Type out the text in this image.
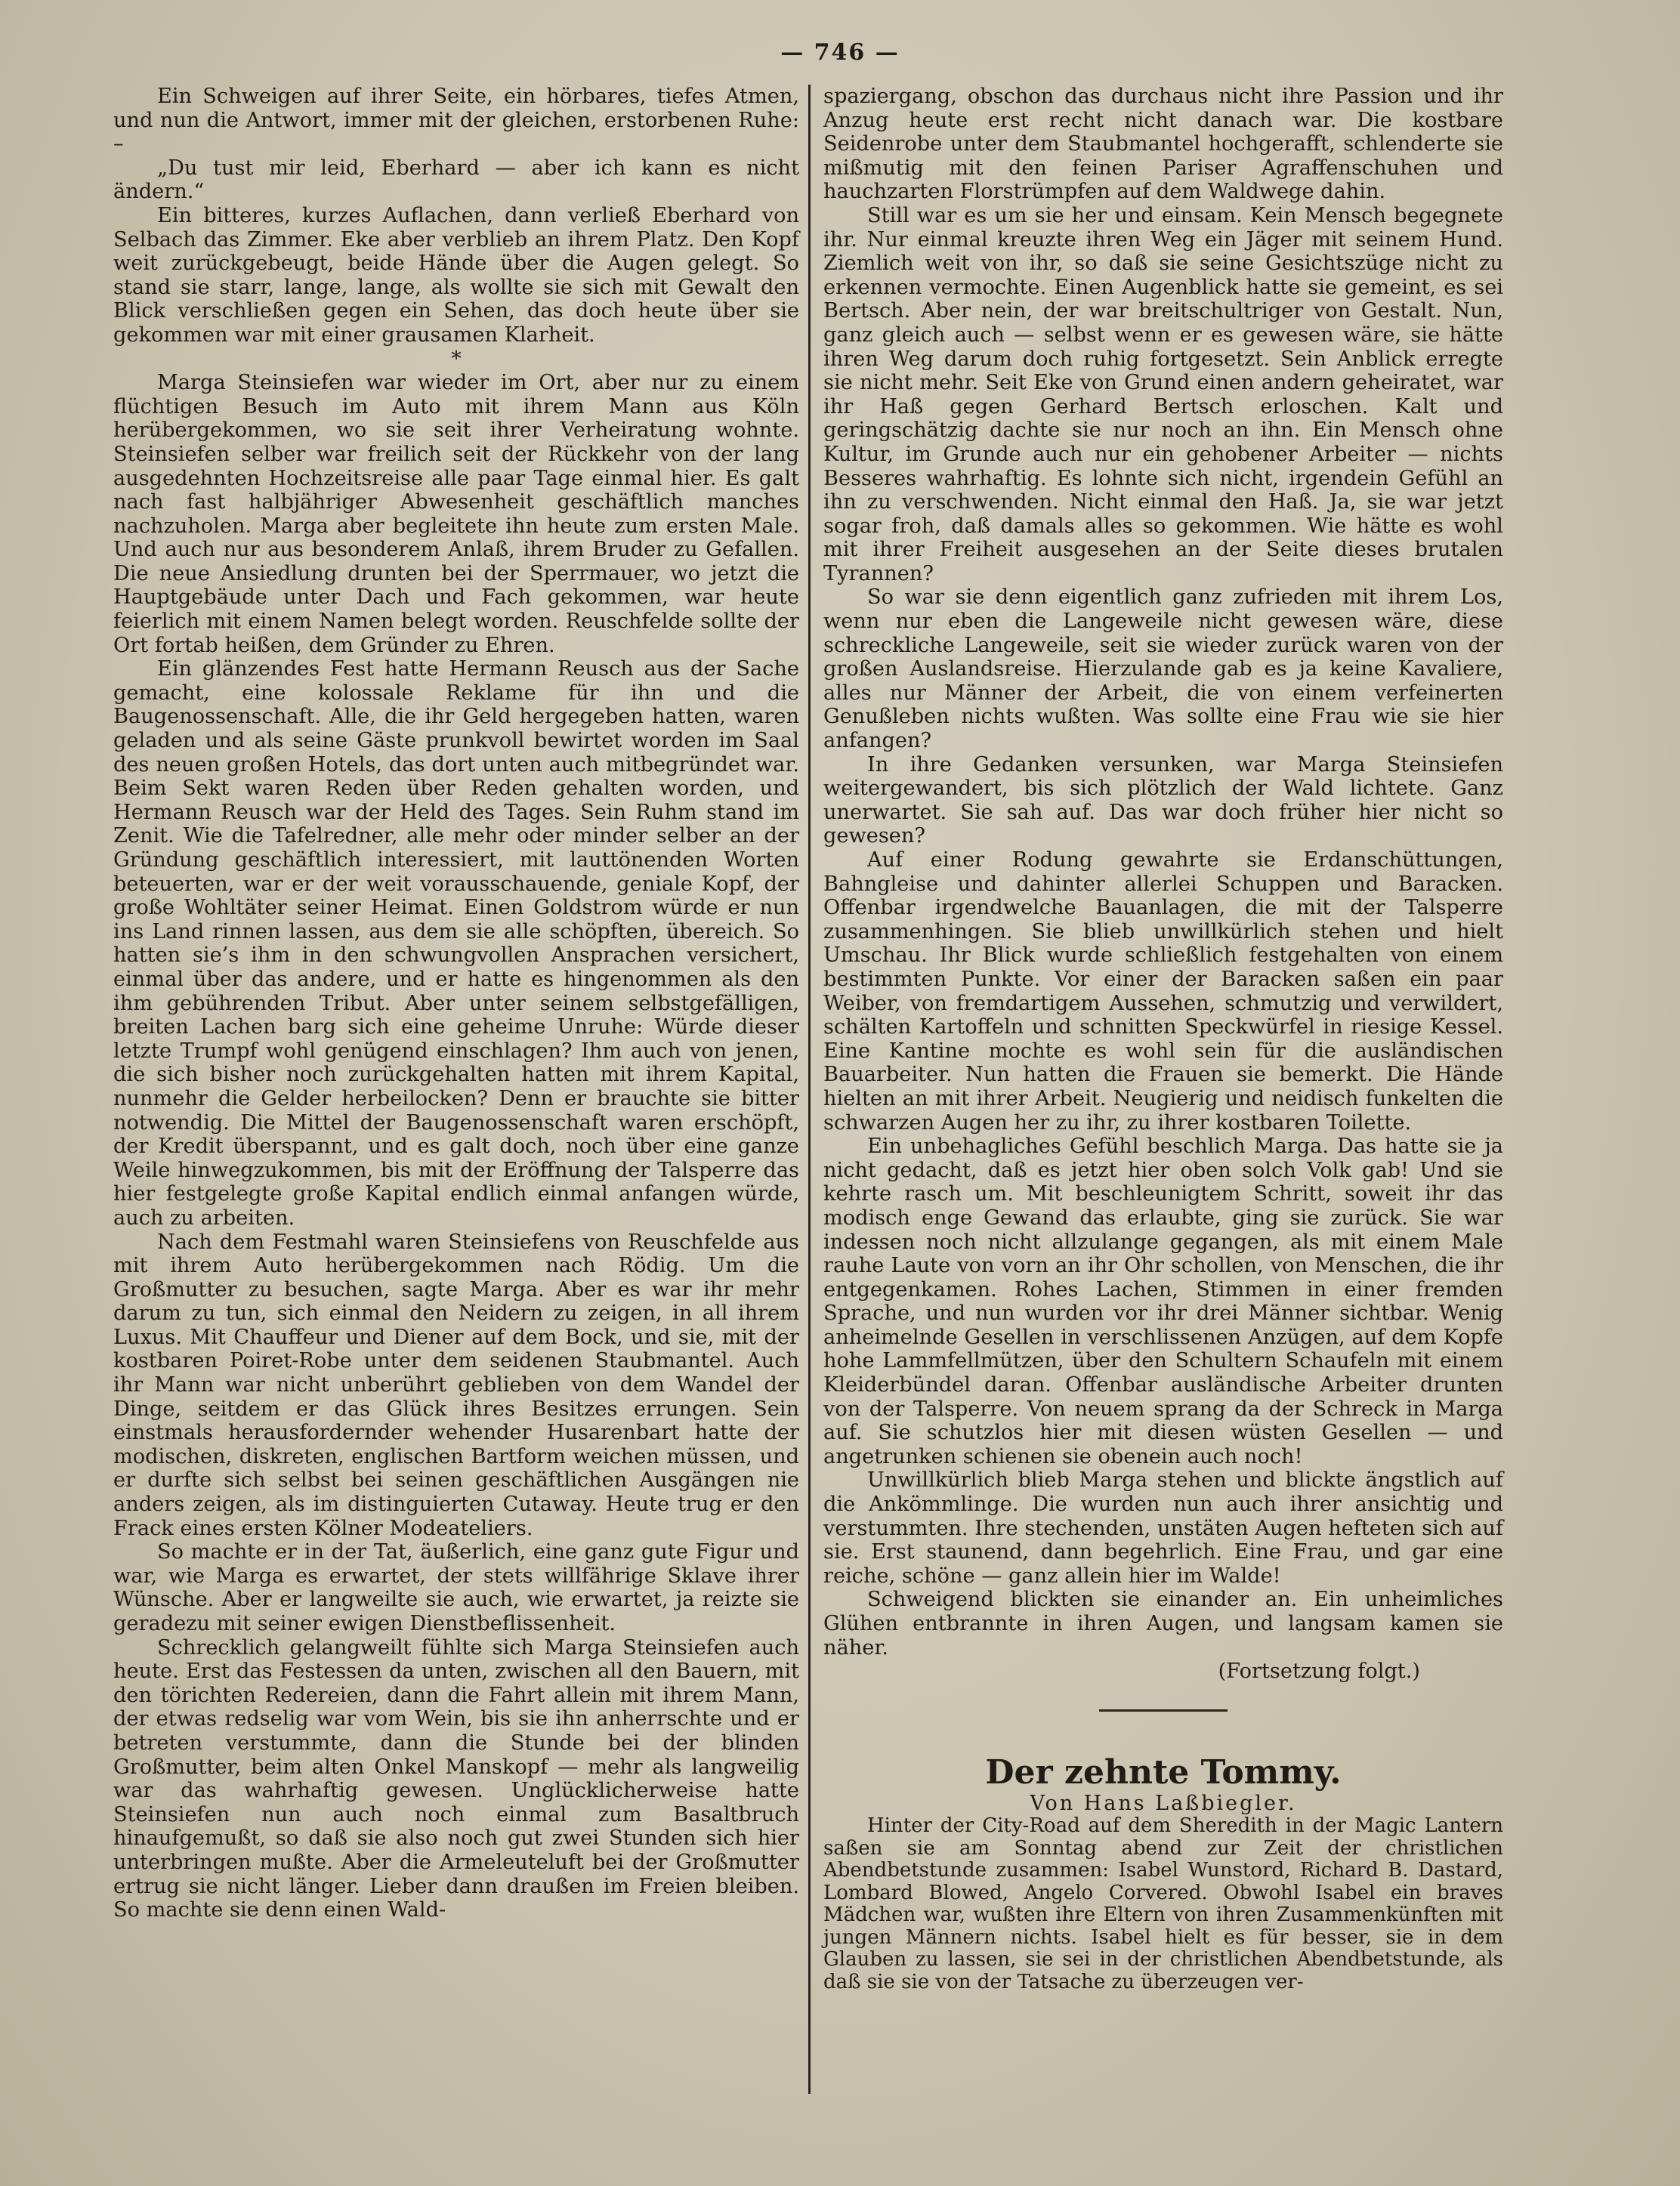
— 746 —

Ein Schweigen auf ihrer Seite, ein hörbares, tiefes Atmen, und nun die Antwort, immer mit der gleichen, erstorbenen Ruhe: –

„Du tust mir leid, Eberhard — aber ich kann es nicht ändern.“

Ein bitteres, kurzes Auflachen, dann verließ Eberhard von Selbach das Zimmer. Eke aber verblieb an ihrem Platz. Den Kopf weit zurückgebeugt, beide Hände über die Augen gelegt. So stand sie starr, lange, lange, als wollte sie sich mit Gewalt den Blick verschließen gegen ein Sehen, das doch heute über sie gekommen war mit einer grausamen Klarheit.

*

Marga Steinsiefen war wieder im Ort, aber nur zu einem flüchtigen Besuch im Auto mit ihrem Mann aus Köln herübergekommen, wo sie seit ihrer Verheiratung wohnte. Steinsiefen selber war freilich seit der Rückkehr von der lang ausgedehnten Hochzeitsreise alle paar Tage einmal hier. Es galt nach fast halbjähriger Abwesenheit geschäftlich manches nachzuholen. Marga aber begleitete ihn heute zum ersten Male. Und auch nur aus besonderem Anlaß, ihrem Bruder zu Gefallen. Die neue Ansiedlung drunten bei der Sperrmauer, wo jetzt die Hauptgebäude unter Dach und Fach gekommen, war heute feierlich mit einem Namen belegt worden. Reuschfelde sollte der Ort fortab heißen, dem Gründer zu Ehren.

Ein glänzendes Fest hatte Hermann Reusch aus der Sache gemacht, eine kolossale Reklame für ihn und die Baugenossenschaft. Alle, die ihr Geld hergegeben hatten, waren geladen und als seine Gäste prunkvoll bewirtet worden im Saal des neuen großen Hotels, das dort unten auch mitbegründet war. Beim Sekt waren Reden über Reden gehalten worden, und Hermann Reusch war der Held des Tages. Sein Ruhm stand im Zenit. Wie die Tafelredner, alle mehr oder minder selber an der Gründung geschäftlich interessiert, mit lauttönenden Worten beteuerten, war er der weit vorausschauende, geniale Kopf, der große Wohltäter seiner Heimat. Einen Goldstrom würde er nun ins Land rinnen lassen, aus dem sie alle schöpften, übereich. So hatten sie’s ihm in den schwungvollen Ansprachen versichert, einmal über das andere, und er hatte es hingenommen als den ihm gebührenden Tribut. Aber unter seinem selbstgefälligen, breiten Lachen barg sich eine geheime Unruhe: Würde dieser letzte Trumpf wohl genügend einschlagen? Ihm auch von jenen, die sich bisher noch zurückgehalten hatten mit ihrem Kapital, nunmehr die Gelder herbeilocken? Denn er brauchte sie bitter notwendig. Die Mittel der Baugenossenschaft waren erschöpft, der Kredit überspannt, und es galt doch, noch über eine ganze Weile hinwegzukommen, bis mit der Eröffnung der Talsperre das hier festgelegte große Kapital endlich einmal anfangen würde, auch zu arbeiten.

Nach dem Festmahl waren Steinsiefens von Reuschfelde aus mit ihrem Auto herübergekommen nach Rödig. Um die Großmutter zu besuchen, sagte Marga. Aber es war ihr mehr darum zu tun, sich einmal den Neidern zu zeigen, in all ihrem Luxus. Mit Chauffeur und Diener auf dem Bock, und sie, mit der kostbaren Poiret-Robe unter dem seidenen Staubmantel. Auch ihr Mann war nicht unberührt geblieben von dem Wandel der Dinge, seitdem er das Glück ihres Besitzes errungen. Sein einstmals herausfordernder wehender Husarenbart hatte der modischen, diskreten, englischen Bartform weichen müssen, und er durfte sich selbst bei seinen geschäftlichen Ausgängen nie anders zeigen, als im distinguierten Cutaway. Heute trug er den Frack eines ersten Kölner Modeateliers.

So machte er in der Tat, äußerlich, eine ganz gute Figur und war, wie Marga es erwartet, der stets willfährige Sklave ihrer Wünsche. Aber er langweilte sie auch, wie erwartet, ja reizte sie geradezu mit seiner ewigen Dienstbeflissenheit.

Schrecklich gelangweilt fühlte sich Marga Steinsiefen auch heute. Erst das Festessen da unten, zwischen all den Bauern, mit den törichten Redereien, dann die Fahrt allein mit ihrem Mann, der etwas redselig war vom Wein, bis sie ihn anherrschte und er betreten verstummte, dann die Stunde bei der blinden Großmutter, beim alten Onkel Manskopf — mehr als langweilig war das wahrhaftig gewesen. Unglücklicherweise hatte Steinsiefen nun auch noch einmal zum Basaltbruch hinaufgemußt, so daß sie also noch gut zwei Stunden sich hier unterbringen mußte. Aber die Armeleuteluft bei der Großmutter ertrug sie nicht länger. Lieber dann draußen im Freien bleiben. So machte sie denn einen Wald-

spaziergang, obschon das durchaus nicht ihre Passion und ihr Anzug heute erst recht nicht danach war. Die kostbare Seidenrobe unter dem Staubmantel hochgerafft, schlenderte sie mißmutig mit den feinen Pariser Agraffenschuhen und hauchzarten Florstrümpfen auf dem Waldwege dahin.

Still war es um sie her und einsam. Kein Mensch begegnete ihr. Nur einmal kreuzte ihren Weg ein Jäger mit seinem Hund. Ziemlich weit von ihr, so daß sie seine Gesichtszüge nicht zu erkennen vermochte. Einen Augenblick hatte sie gemeint, es sei Bertsch. Aber nein, der war breitschultriger von Gestalt. Nun, ganz gleich auch — selbst wenn er es gewesen wäre, sie hätte ihren Weg darum doch ruhig fortgesetzt. Sein Anblick erregte sie nicht mehr. Seit Eke von Grund einen andern geheiratet, war ihr Haß gegen Gerhard Bertsch erloschen. Kalt und geringschätzig dachte sie nur noch an ihn. Ein Mensch ohne Kultur, im Grunde auch nur ein gehobener Arbeiter — nichts Besseres wahrhaftig. Es lohnte sich nicht, irgendein Gefühl an ihn zu verschwenden. Nicht einmal den Haß. Ja, sie war jetzt sogar froh, daß damals alles so gekommen. Wie hätte es wohl mit ihrer Freiheit ausgesehen an der Seite dieses brutalen Tyrannen?

So war sie denn eigentlich ganz zufrieden mit ihrem Los, wenn nur eben die Langeweile nicht gewesen wäre, diese schreckliche Langeweile, seit sie wieder zurück waren von der großen Auslandsreise. Hierzulande gab es ja keine Kavaliere, alles nur Männer der Arbeit, die von einem verfeinerten Genußleben nichts wußten. Was sollte eine Frau wie sie hier anfangen?

In ihre Gedanken versunken, war Marga Steinsiefen weitergewandert, bis sich plötzlich der Wald lichtete. Ganz unerwartet. Sie sah auf. Das war doch früher hier nicht so gewesen?

Auf einer Rodung gewahrte sie Erdanschüttungen, Bahngleise und dahinter allerlei Schuppen und Baracken. Offenbar irgendwelche Bauanlagen, die mit der Talsperre zusammenhingen. Sie blieb unwillkürlich stehen und hielt Umschau. Ihr Blick wurde schließlich festgehalten von einem bestimmten Punkte. Vor einer der Baracken saßen ein paar Weiber, von fremdartigem Aussehen, schmutzig und verwildert, schälten Kartoffeln und schnitten Speckwürfel in riesige Kessel. Eine Kantine mochte es wohl sein für die ausländischen Bauarbeiter. Nun hatten die Frauen sie bemerkt. Die Hände hielten an mit ihrer Arbeit. Neugierig und neidisch funkelten die schwarzen Augen her zu ihr, zu ihrer kostbaren Toilette.

Ein unbehagliches Gefühl beschlich Marga. Das hatte sie ja nicht gedacht, daß es jetzt hier oben solch Volk gab! Und sie kehrte rasch um. Mit beschleunigtem Schritt, soweit ihr das modisch enge Gewand das erlaubte, ging sie zurück. Sie war indessen noch nicht allzulange gegangen, als mit einem Male rauhe Laute von vorn an ihr Ohr schollen, von Menschen, die ihr entgegenkamen. Rohes Lachen, Stimmen in einer fremden Sprache, und nun wurden vor ihr drei Männer sichtbar. Wenig anheimelnde Gesellen in verschlissenen Anzügen, auf dem Kopfe hohe Lammfellmützen, über den Schultern Schaufeln mit einem Kleiderbündel daran. Offenbar ausländische Arbeiter drunten von der Talsperre. Von neuem sprang da der Schreck in Marga auf. Sie schutzlos hier mit diesen wüsten Gesellen — und angetrunken schienen sie obenein auch noch!

Unwillkürlich blieb Marga stehen und blickte ängstlich auf die Ankömmlinge. Die wurden nun auch ihrer ansichtig und verstummten. Ihre stechenden, unstäten Augen hefteten sich auf sie. Erst staunend, dann begehrlich. Eine Frau, und gar eine reiche, schöne — ganz allein hier im Walde!

Schweigend blickten sie einander an. Ein unheimliches Glühen entbrannte in ihren Augen, und langsam kamen sie näher.

(Fortsetzung folgt.)

Der zehnte Tommy.

Von Hans Laßbiegler.

Hinter der City-Road auf dem Sheredith in der Magic Lantern saßen sie am Sonntag abend zur Zeit der christlichen Abendbetstunde zusammen: Isabel Wunstord, Richard B. Dastard, Lombard Blowed, Angelo Corvered. Obwohl Isabel ein braves Mädchen war, wußten ihre Eltern von ihren Zusammenkünften mit jungen Männern nichts. Isabel hielt es für besser, sie in dem Glauben zu lassen, sie sei in der christlichen Abendbetstunde, als daß sie sie von der Tatsache zu überzeugen ver-
